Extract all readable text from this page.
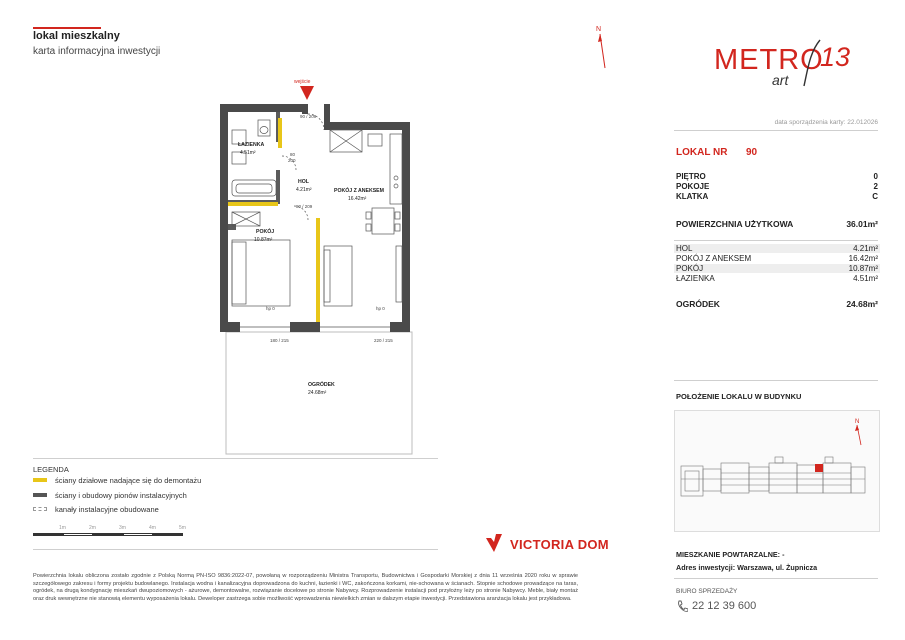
lokal mieszkalny
karta informacyjna inwestycji
N
METRO
art
13
data sporządzenia karty: 22.012026
LOKAL NR 90
PIĘTRO	0
POKOJE	2
KLATKA	C
POWIERZCHNIA UŻYTKOWA	36.01m²
HOL	4.21m²
POKÓJ Z ANEKSEM	16.42m²
POKÓJ	10.87m²
ŁAZIENKA	4.51m²
OGRÓDEK	24.68m²
POŁOŻENIE LOKALU W BUDYNKU
N
MIESZKANIE POWTARZALNE: -
Adres inwestycji: Warszawa, ul. Żupnicza
BIURO SPRZEDAŻY
22 12 39 600
VICTORIA DOM
wejście
ŁAZIENKA
HOL
POKÓJ Z ANEKSEM
POKÓJ
OGRÓDEK
4.51m²
4.21m²
16.42m²
10.87m²
24.68m²
90 / 209
80
200
80 / 209
hp 0	hp 0
180 / 215	220 / 215
LEGENDA
ściany działowe nadające się do demontażu
ściany i obudowy pionów instalacyjnych
kanały instalacyjne obudowane
1m	2m	3m	4m	5m
Powierzchnia lokalu obliczona zostało zgodnie z Polską Normą PN-ISO 9836:2022-07, powołaną w rozporządzeniu Ministra Transportu, Budownictwa i Gospodarki Morskiej z dnia 11 września 2020 roku w sprawie szczegółowego zakresu i formy projektu budowlanego. Instalacja wodna i kanalizacyjna doprowadzona do kuchni, łazienki i WC, zakończona korkami, nie-schowana w ścianach. Stopnie schodowe prowadzące na taras, ogródek, na drugą kondygnację mieszkań dwupoziomowych - ażurowe, demontowalne, rozwiązanie docelowe po stronie Nabywcy. Rozprowadzenie instalacji pod przyłożny leży po stronie Nabywcy. Meble, biały montaż oraz druk wewnętrzne nie stanowią elementu wyposażenia lokalu. Deweloper zastrzega sobie możliwość wprowadzenia niewielkich zmian w dalszym etapie inwestycji. Przedstawiona aranżacja lokalu jest przykładowa.
